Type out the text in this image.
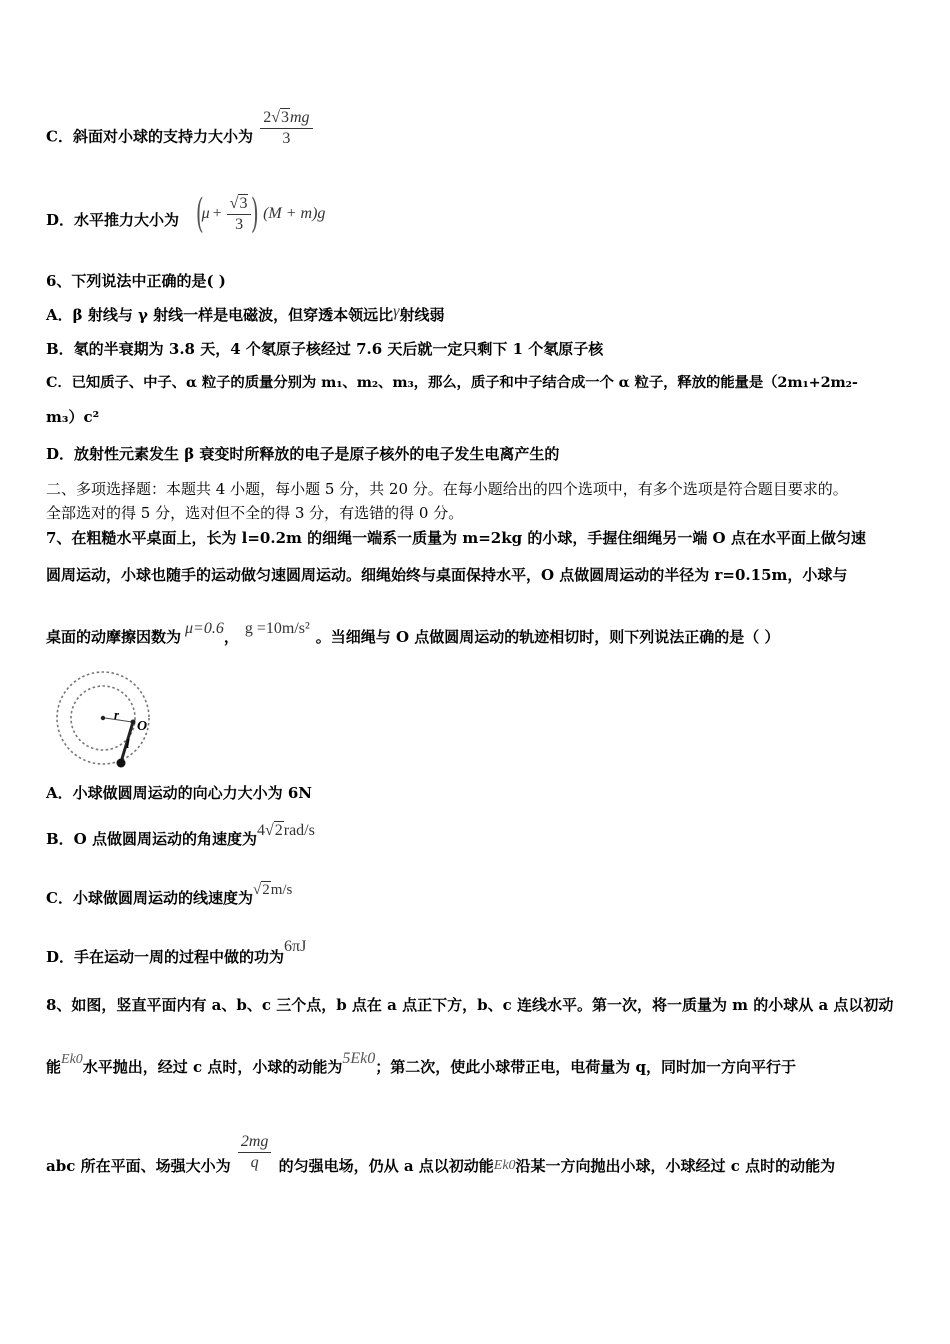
C．斜面对小球的支持力大小为 $\frac{2√3mg}{3}$
D．水平推力大小为 (
$\mu + \frac{√3}{3}$ ) (M + m)g
6、下列说法中正确的是( )
A．β 射线与 γ 射线一样是电磁波，但穿透本领远比γ射线弱
B．氡的半衰期为 3.8 天，4 个氡原子核经过 7.6 天后就一定只剩下 1 个氡原子核
C．已知质子、中子、α 粒子的质量分别为 m₁、m₂、m₃，那么，质子和中子结合成一个 α 粒子，释放的能量是（2m₁+2m₂-
m₃）c²
D．放射性元素发生 β 衰变时所释放的电子是原子核外的电子发生电离产生的
二、多项选择题：本题共 4 小题，每小题 5 分，共 20 分。在每小题给出的四个选项中，有多个选项是符合题目要求的。
全部选对的得 5 分，选对但不全的得 3 分，有选错的得 0 分。
7、在粗糙水平桌面上，长为 l=0.2m 的细绳一端系一质量为 m=2kg 的小球，手握住细绳另一端 O 点在水平面上做匀速
圆周运动，小球也随手的运动做匀速圆周运动。细绳始终与桌面保持水平，O 点做圆周运动的半径为 r=0.15m，小球与
桌面的动摩擦因数为 μ=0.6， g =10m/s² 。当细绳与 O 点做圆周运动的轨迹相切时，则下列说法正确的是（ ）
r
O
l
A．小球做圆周运动的向心力大小为 6N
B．O 点做圆周运动的角速度为4√2rad/s
C．小球做圆周运动的线速度为√2m/s
D．手在运动一周的过程中做的功为6πJ
8、如图，竖直平面内有 a、b、c 三个点，b 点在 a 点正下方，b、c 连线水平。第一次，将一质量为 m 的小球从 a 点以初动
能Ek0水平抛出，经过 c 点时，小球的动能为5Ek0；第二次，使此小球带正电，电荷量为 q，同时加一方向平行于
abc 所在平面、场强大小为 $\frac{2mg}{q}$ 的匀强电场，仍从 a 点以初动能Ek0沿某一方向抛出小球，小球经过 c 点时的动能为
